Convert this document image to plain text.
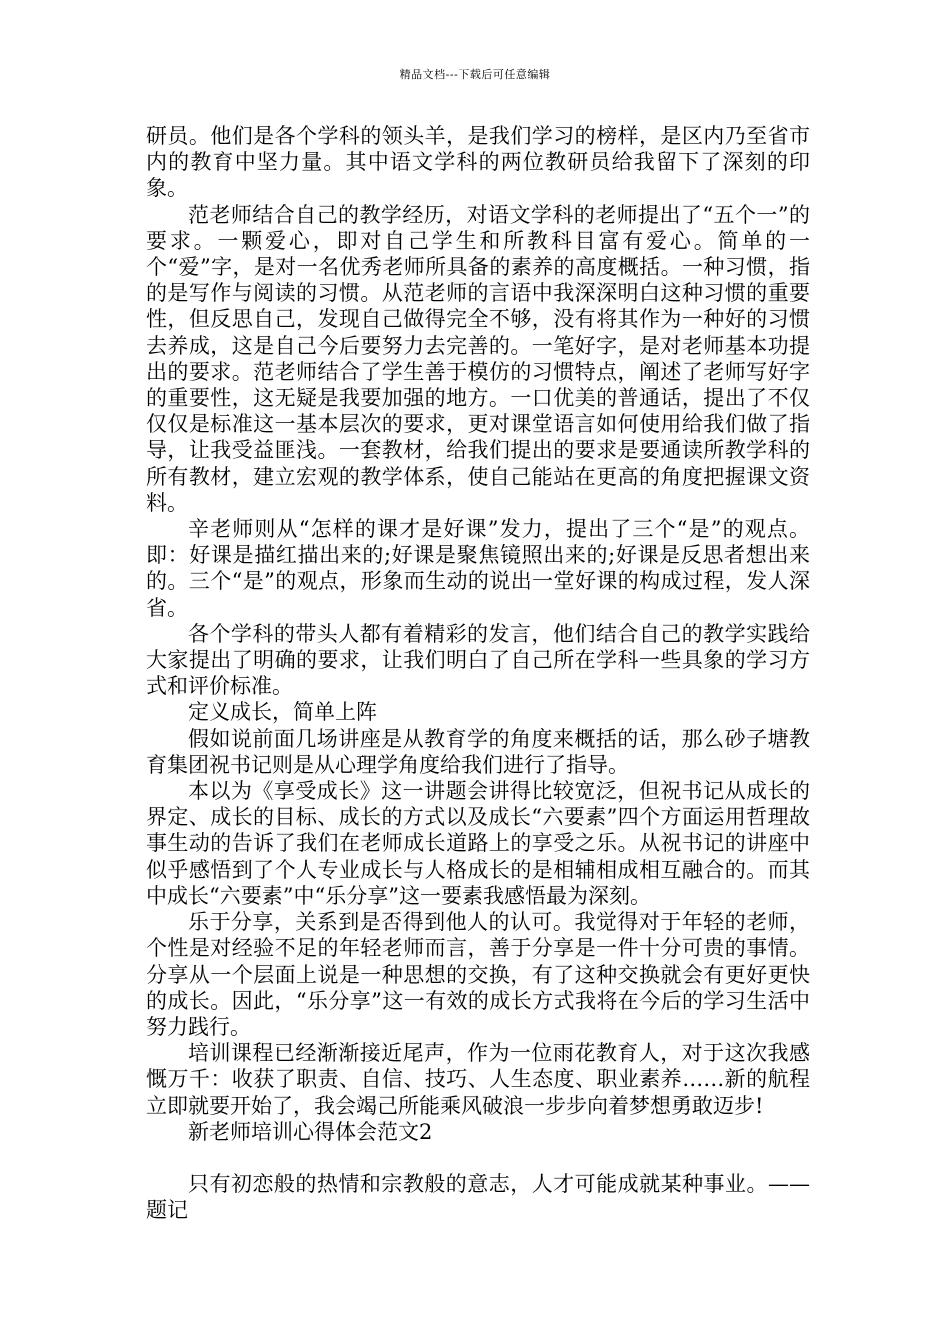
精品文档---下载后可任意编辑

研员。他们是各个学科的领头羊，是我们学习的榜样，是区内乃至省市内的教育中坚力量。其中语文学科的两位教研员给我留下了深刻的印象。

范老师结合自己的教学经历，对语文学科的老师提出了“五个一”的要求。一颗爱心，即对自己学生和所教科目富有爱心。简单的一个“爱”字，是对一名优秀老师所具备的素养的高度概括。一种习惯，指的是写作与阅读的习惯。从范老师的言语中我深深明白这种习惯的重要性，但反思自己，发现自己做得完全不够，没有将其作为一种好的习惯去养成，这是自己今后要努力去完善的。一笔好字，是对老师基本功提出的要求。范老师结合了学生善于模仿的习惯特点，阐述了老师写好字的重要性，这无疑是我要加强的地方。一口优美的普通话，提出了不仅仅仅是标准这一基本层次的要求，更对课堂语言如何使用给我们做了指导，让我受益匪浅。一套教材，给我们提出的要求是要通读所教学科的所有教材，建立宏观的教学体系，使自己能站在更高的角度把握课文资料。

辛老师则从“怎样的课才是好课”发力，提出了三个“是”的观点。即：好课是描红描出来的;好课是聚焦镜照出来的;好课是反思者想出来的。三个“是”的观点，形象而生动的说出一堂好课的构成过程，发人深省。

各个学科的带头人都有着精彩的发言，他们结合自己的教学实践给大家提出了明确的要求，让我们明白了自己所在学科一些具象的学习方式和评价标准。

定义成长，简单上阵

假如说前面几场讲座是从教育学的角度来概括的话，那么砂子塘教育集团祝书记则是从心理学角度给我们进行了指导。

本以为《享受成长》这一讲题会讲得比较宽泛，但祝书记从成长的界定、成长的目标、成长的方式以及成长“六要素”四个方面运用哲理故事生动的告诉了我们在老师成长道路上的享受之乐。从祝书记的讲座中似乎感悟到了个人专业成长与人格成长的是相辅相成相互融合的。而其中成长“六要素”中“乐分享”这一要素我感悟最为深刻。

乐于分享，关系到是否得到他人的认可。我觉得对于年轻的老师，个性是对经验不足的年轻老师而言，善于分享是一件十分可贵的事情。分享从一个层面上说是一种思想的交换，有了这种交换就会有更好更快的成长。因此，“乐分享”这一有效的成长方式我将在今后的学习生活中努力践行。

培训课程已经渐渐接近尾声，作为一位雨花教育人，对于这次我感慨万千：收获了职责、自信、技巧、人生态度、职业素养……新的航程立即就要开始了，我会竭己所能乘风破浪一步步向着梦想勇敢迈步!

新老师培训心得体会范文2

只有初恋般的热情和宗教般的意志，人才可能成就某种事业。——题记
